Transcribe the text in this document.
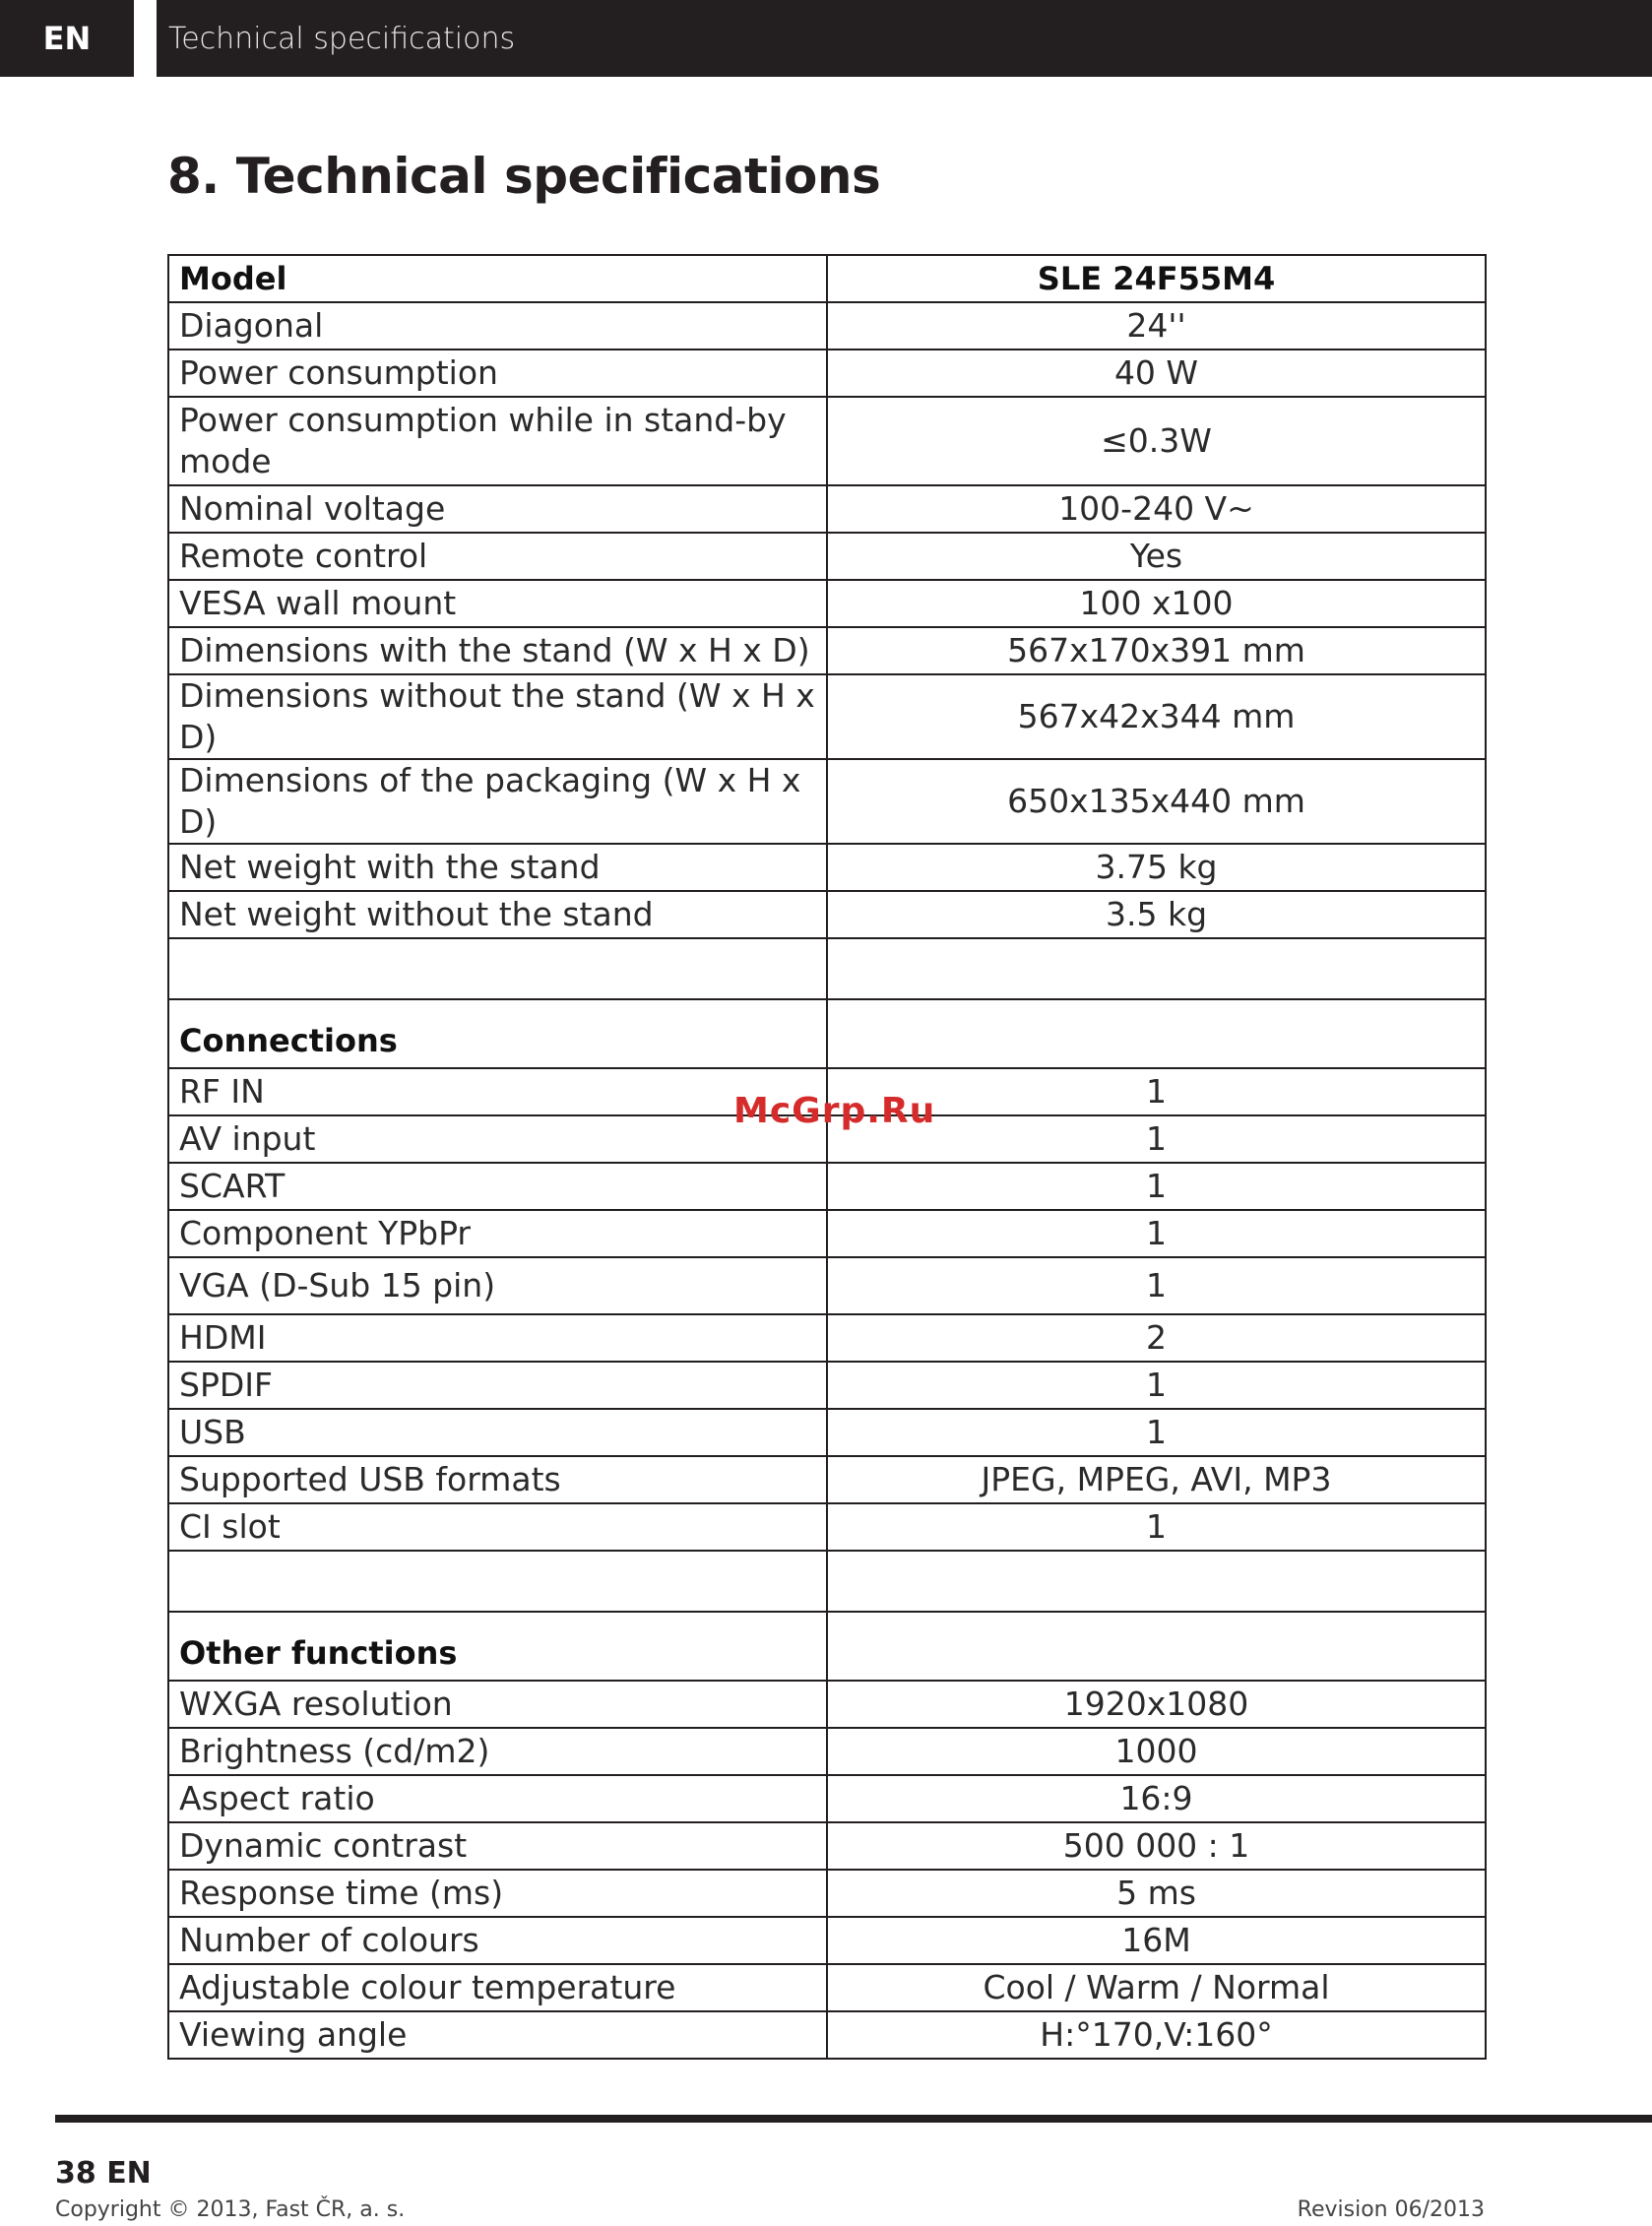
EN	Technical specifications
8. Technical specifications
Model	SLE 24F55M4
Diagonal	24''
Power consumption	40 W
Power consumption while in stand-by mode	≤0.3W
Nominal voltage	100-240 V~
Remote control	Yes
VESA wall mount	100 x100
Dimensions with the stand (W x H x D)	567x170x391 mm
Dimensions without the stand (W x H x D)	567x42x344 mm
Dimensions of the packaging (W x H x D)	650x135x440 mm
Net weight with the stand	3.75 kg
Net weight without the stand	3.5 kg

Connections	
RF IN	1
AV input	1
SCART	1
Component YPbPr	1
VGA (D-Sub 15 pin)	1
HDMI	2
SPDIF	1
USB	1
Supported USB formats	JPEG, MPEG, AVI, MP3
CI slot	1

Other functions	
WXGA resolution	1920x1080
Brightness (cd/m2)	1000
Aspect ratio	16:9
Dynamic contrast	500 000 : 1
Response time (ms)	5 ms
Number of colours	16M
Adjustable colour temperature	Cool / Warm / Normal
Viewing angle	H:°170,V:160°
McGrp.Ru
38 EN
Copyright © 2013, Fast ČR, a. s.	Revision 06/2013
